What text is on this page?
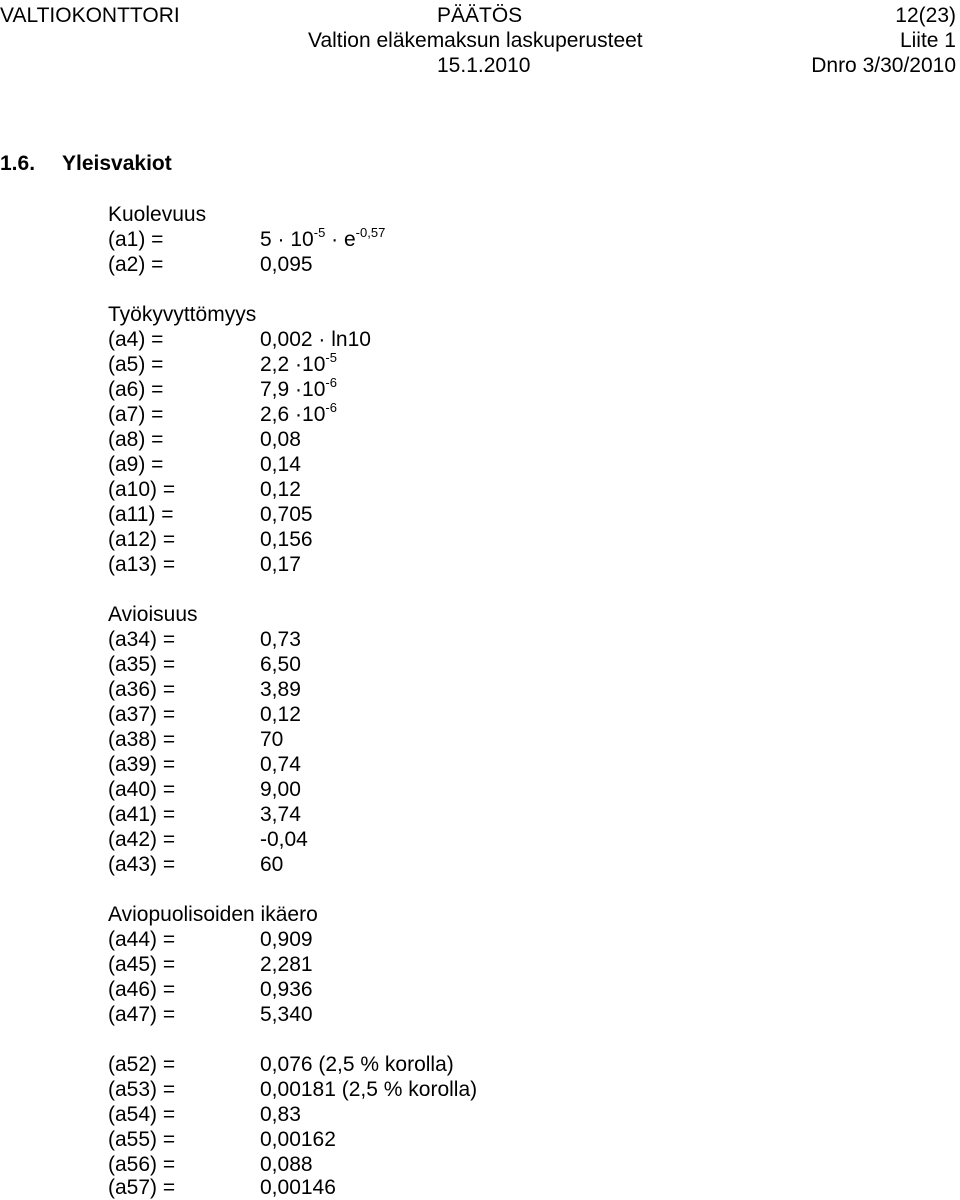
VALTIOKONTTORI	PÄÄTÖS	12(23)
Valtion eläkemaksun laskuperusteet	Liite 1
15.1.2010	Dnro 3/30/2010
1.6. Yleisvakiot
Kuolevuus
(a1) =	$5 \cdot 10^{-5} \cdot e^{-0,57}$
(a2) =	0,095
Työkyvyttömyys
(a4) =	0,002 · ln10
(a5) =	$2,2 \cdot 10^{-5}$
(a6) =	$7,9 \cdot 10^{-6}$
(a7) =	$2,6 \cdot 10^{-6}$
(a8) =	0,08
(a9) =	0,14
(a10) =	0,12
(a11) =	0,705
(a12) =	0,156
(a13) =	0,17
Avioisuus
(a34) =	0,73
(a35) =	6,50
(a36) =	3,89
(a37) =	0,12
(a38) =	70
(a39) =	0,74
(a40) =	9,00
(a41) =	3,74
(a42) =	-0,04
(a43) =	60
Aviopuolisoiden ikäero
(a44) =	0,909
(a45) =	2,281
(a46) =	0,936
(a47) =	5,340
(a52) =	0,076 (2,5 % korolla)
(a53) =	0,00181 (2,5 % korolla)
(a54) =	0,83
(a55) =	0,00162
(a56) =	0,088
(a57) =	0,00146
